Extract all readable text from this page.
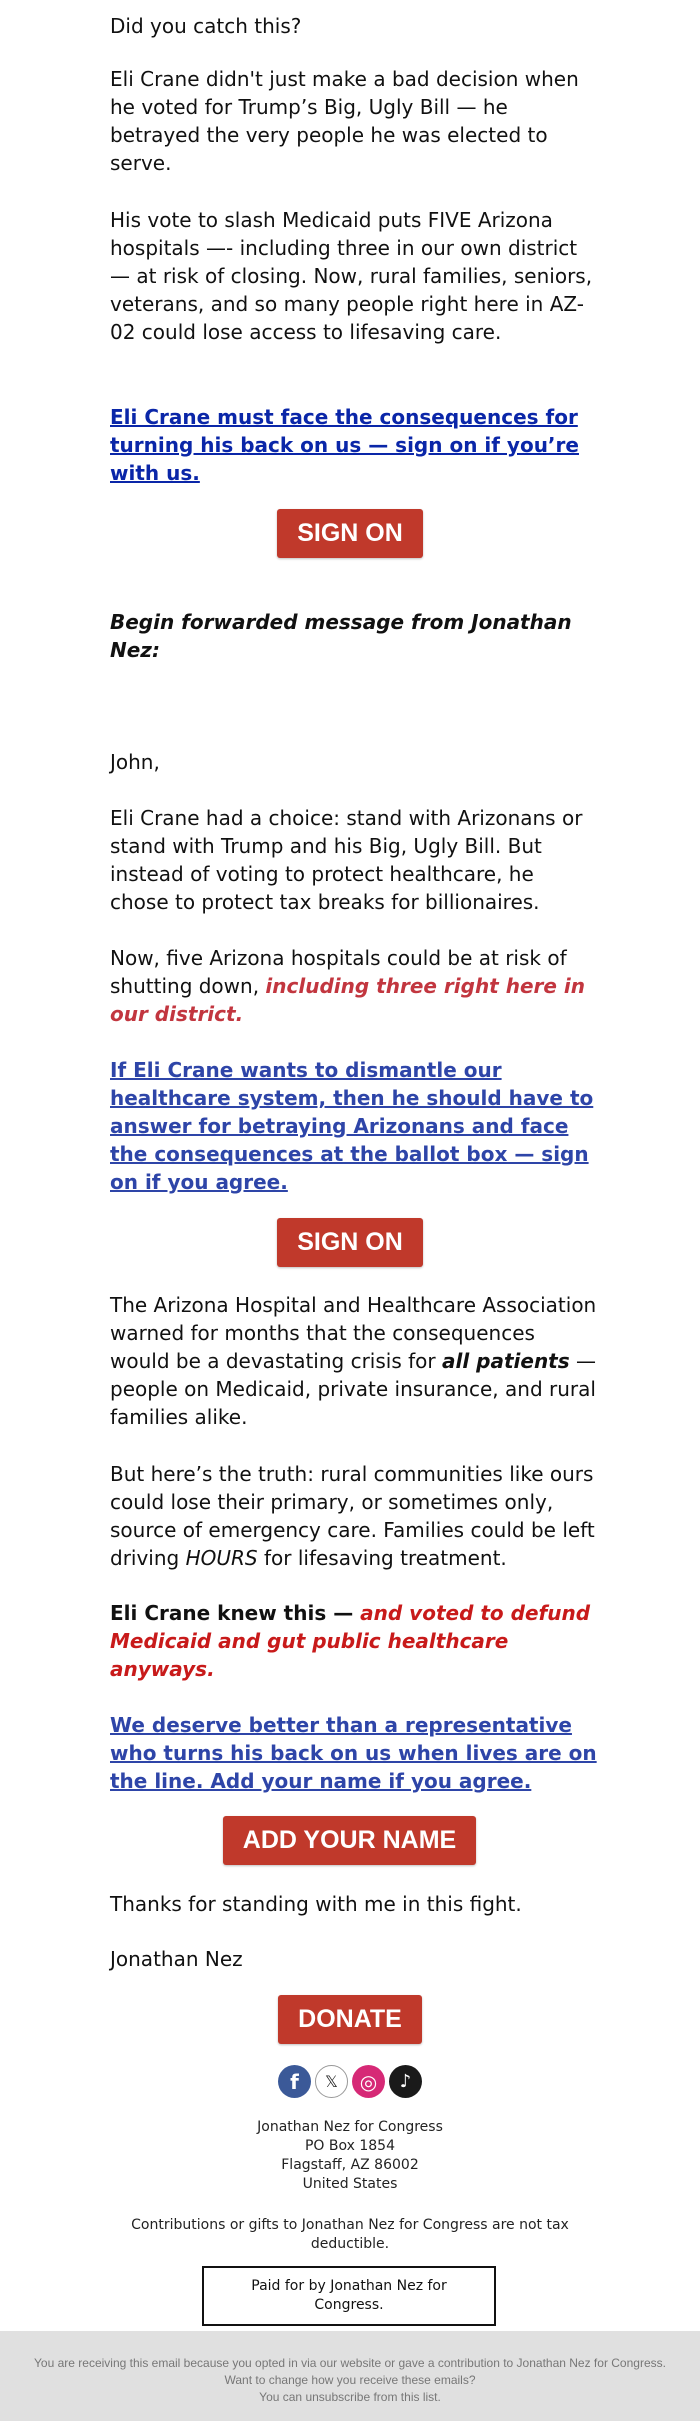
Did you catch this?

Eli Crane didn't just make a bad decision when he voted for Trump’s Big, Ugly Bill — he betrayed the very people he was elected to serve.

His vote to slash Medicaid puts FIVE Arizona hospitals —- including three in our own district — at risk of closing. Now, rural families, seniors, veterans, and so many people right here in AZ-02 could lose access to lifesaving care.

Eli Crane must face the consequences for turning his back on us — sign on if you’re with us.

Begin forwarded message from Jonathan Nez:

John,

Eli Crane had a choice: stand with Arizonans or stand with Trump and his Big, Ugly Bill. But instead of voting to protect healthcare, he chose to protect tax breaks for billionaires.

Now, five Arizona hospitals could be at risk of shutting down, including three right here in our district.

If Eli Crane wants to dismantle our healthcare system, then he should have to answer for betraying Arizonans and face the consequences at the ballot box — sign on if you agree.

The Arizona Hospital and Healthcare Association warned for months that the consequences would be a devastating crisis for all patients — people on Medicaid, private insurance, and rural families alike.

But here’s the truth: rural communities like ours could lose their primary, or sometimes only, source of emergency care. Families could be left driving HOURS for lifesaving treatment.

Eli Crane knew this — and voted to defund Medicaid and gut public healthcare anyways.

We deserve better than a representative who turns his back on us when lives are on the line. Add your name if you agree.

Thanks for standing with me in this fight.

Jonathan Nez

SIGN ON
SIGN ON
ADD YOUR NAME
DONATE
f	𝕏	◎	♪
Jonathan Nez for Congress
PO Box 1854
Flagstaff, AZ 86002
United States
Contributions or gifts to Jonathan Nez for Congress are not tax deductible.
Paid for by Jonathan Nez for Congress.
You are receiving this email because you opted in via our website or gave a contribution to Jonathan Nez for Congress. Want to change how you receive these emails?
You can unsubscribe from this list.
